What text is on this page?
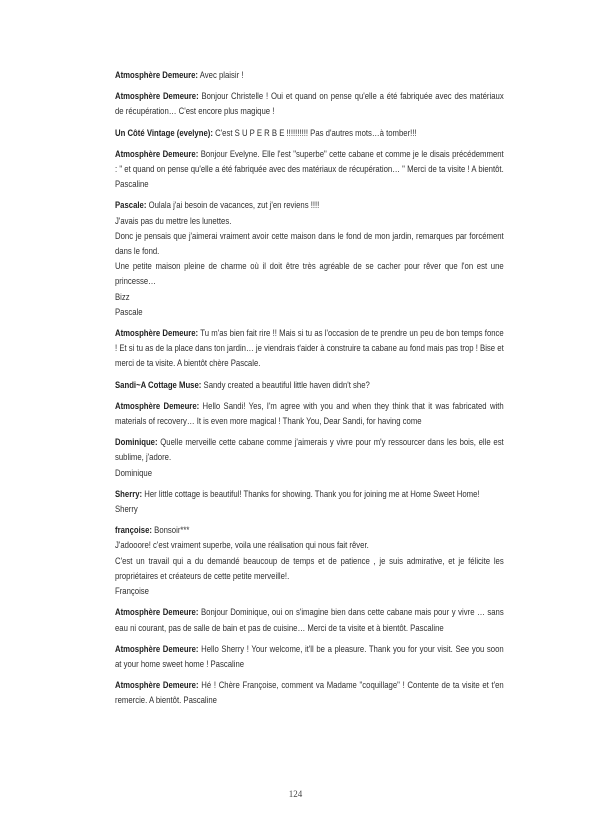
Atmosphère Demeure: Avec plaisir !

Atmosphère Demeure: Bonjour Christelle ! Oui et quand on pense qu'elle a été fabriquée avec des matériaux de récupération… C'est encore plus magique !

Un Côté Vintage (evelyne): C'est S U P E R B E !!!!!!!!!! Pas d'autres mots…à tomber!!!

Atmosphère Demeure: Bonjour Evelyne. Elle l'est "superbe" cette cabane et comme je le disais précédemment : " et quand on pense qu'elle a été fabriquée avec des matériaux de récupération… " Merci de ta visite ! A bientôt. Pascaline

Pascale: Oulala j'ai besoin de vacances, zut j'en reviens !!!!

J'avais pas du mettre les lunettes.

Donc je pensais que j'aimerai vraiment avoir cette maison dans le fond de mon jardin, remarques par forcément dans le fond.

Une petite maison pleine de charme où il doit être très agréable de se cacher pour rêver que l'on est une princesse…

Bizz

Pascale

Atmosphère Demeure: Tu m'as bien fait rire !! Mais si tu as l'occasion de te prendre un peu de bon temps fonce ! Et si tu as de la place dans ton jardin… je viendrais t'aider à construire ta cabane au fond mais pas trop ! Bise et merci de ta visite. A bientôt chère Pascale.

Sandi~A Cottage Muse: Sandy created a beautiful little haven didn't she?

Atmosphère Demeure: Hello Sandi! Yes, I'm agree with you and when they think that it was fabricated with materials of recovery… It is even more magical ! Thank You, Dear Sandi, for having come

Dominique: Quelle merveille cette cabane comme j'aimerais y vivre pour m'y ressourcer dans les bois, elle est sublime, j'adore.

Dominique

Sherry: Her little cottage is beautiful! Thanks for showing. Thank you for joining me at Home Sweet Home!

Sherry

françoise: Bonsoir***

J'adooore! c'est vraiment superbe, voila une réalisation qui nous fait rêver.

C'est un travail qui a du demandé beaucoup de temps et de patience , je suis admirative, et je félicite les propriétaires et créateurs de cette petite merveille!.

Françoise

Atmosphère Demeure: Bonjour Dominique, oui on s'imagine bien dans cette cabane mais pour y vivre … sans eau ni courant, pas de salle de bain et pas de cuisine… Merci de ta visite et à bientôt. Pascaline

Atmosphère Demeure: Hello Sherry ! Your welcome, it'll be a pleasure. Thank you for your visit. See you soon at your home sweet home ! Pascaline

Atmosphère Demeure: Hé ! Chère Françoise, comment va Madame "coquillage" ! Contente de ta visite et t'en remercie. A bientôt. Pascaline

124
